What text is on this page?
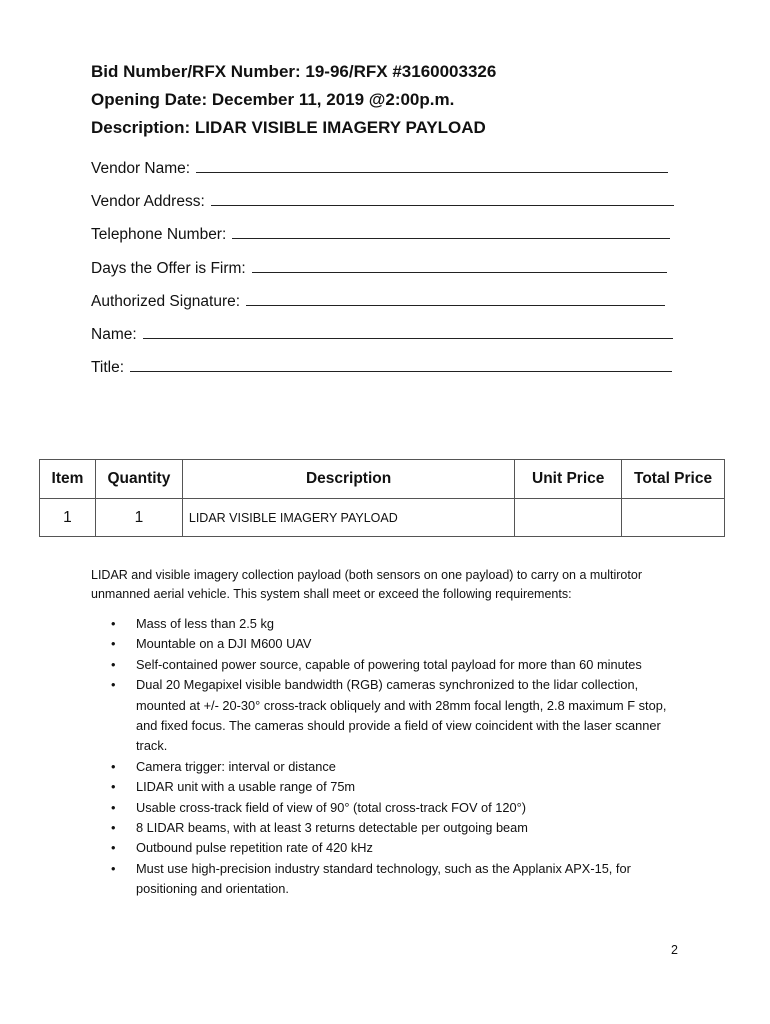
Bid Number/RFX Number: 19-96/RFX #3160003326
Opening Date: December 11, 2019 @2:00p.m.
Description: LIDAR VISIBLE IMAGERY PAYLOAD
Vendor Name:
Vendor Address:
Telephone Number:
Days the Offer is Firm:
Authorized Signature:
Name:
Title:
Item	Quantity	Description	Unit Price	Total Price
1	1	LIDAR VISIBLE IMAGERY PAYLOAD		
LIDAR and visible imagery collection payload (both sensors on one payload) to carry on a multirotor unmanned aerial vehicle. This system shall meet or exceed the following requirements:
• Mass of less than 2.5 kg
• Mountable on a DJI M600 UAV
• Self-contained power source, capable of powering total payload for more than 60 minutes
• Dual 20 Megapixel visible bandwidth (RGB) cameras synchronized to the lidar collection, mounted at +/- 20-30° cross-track obliquely and with 28mm focal length, 2.8 maximum F stop, and fixed focus. The cameras should provide a field of view coincident with the laser scanner track.
• Camera trigger: interval or distance
• LIDAR unit with a usable range of 75m
• Usable cross-track field of view of 90° (total cross-track FOV of 120°)
• 8 LIDAR beams, with at least 3 returns detectable per outgoing beam
• Outbound pulse repetition rate of 420 kHz
• Must use high-precision industry standard technology, such as the Applanix APX-15, for positioning and orientation.
2
